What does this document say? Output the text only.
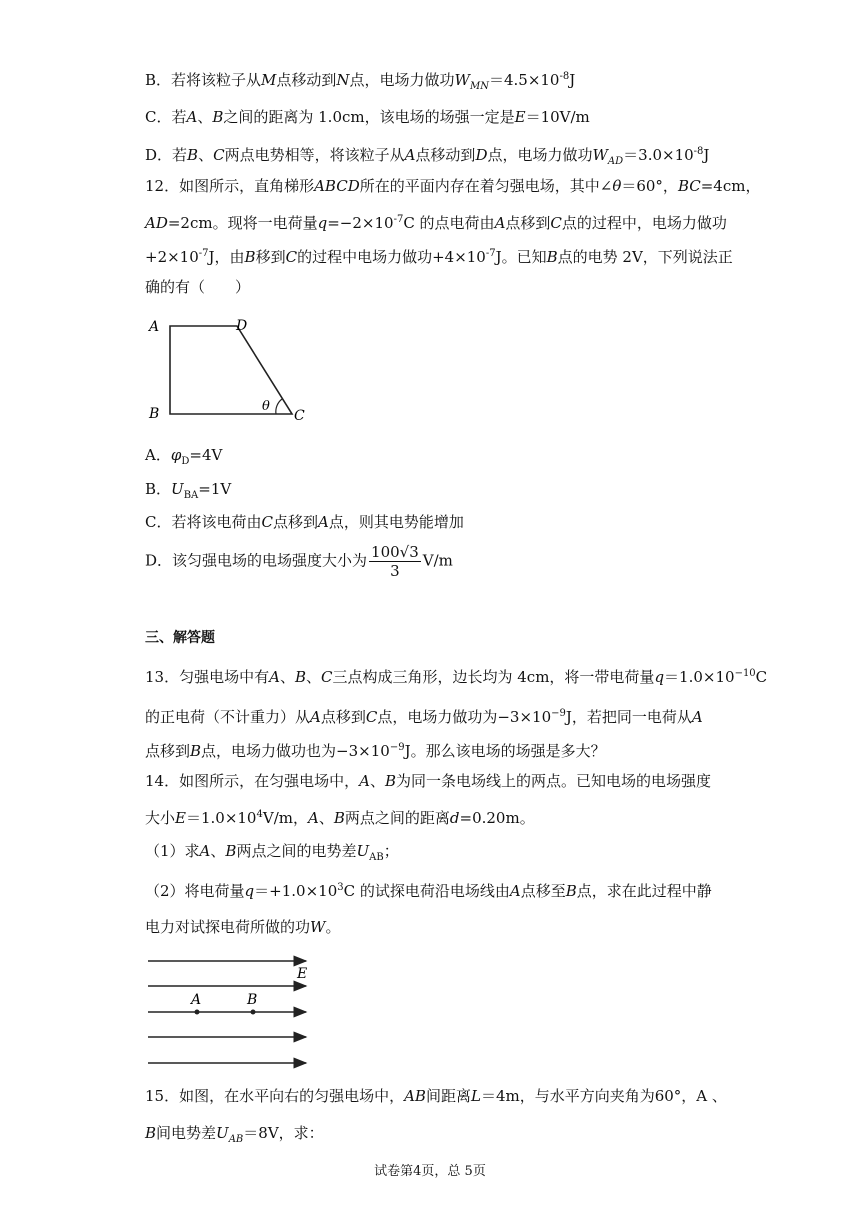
B．若将该粒子从M点移动到N点，电场力做功$W_{MN}=4.5\times 10^{-8}J$
C．若A、B之间的距离为 1.0cm，该电场的场强一定是E＝10V/m
D．若B、C两点电势相等，将该粒子从A点移动到D点，电场力做功$W_{AD}=3.0\times 10^{-8}J$
12．如图所示，直角梯形ABCD所在的平面内存在着匀强电场，其中∠θ＝60°，BC=4cm，
AD=2cm。现将一电荷量$q=-2\times 10^{-7}C$ 的点电荷由A点移到C点的过程中，电场力做功
$+2\times 10^{-7}J$，由B移到C的过程中电场力做功$+4\times 10^{-7}J$。已知B点的电势 2V，下列说法正
确的有（　　）
A	D
B	C
θ
A．$\varphi_D=4V$
B．$U_{BA}=1V$
C．若将该电荷由C点移到A点，则其电势能增加
D．该匀强电场的电场强度大小为 $\frac{100√3}{3} V/m$
三、解答题
13．匀强电场中有A、B、C三点构成三角形，边长均为 4cm，将一带电荷量$q=1.0\times 10^{-10}C$
的正电荷（不计重力）从A点移到C点，电场力做功为$-3\times 10^{-9}J$，若把同一电荷从A
点移到B点，电场力做功也为$-3\times 10^{-9}J$。那么该电场的场强是多大？
14．如图所示，在匀强电场中，A、B为同一条电场线上的两点。已知电场的电场强度
大小$E=1.0\times 10^4V/m$，A、B两点之间的距离d=0.20m。
（1）求A、B两点之间的电势差$U_{AB}$；
（2）将电荷量$q=+1.0\times 10^3C$ 的试探电荷沿电场线由A点移至B点，求在此过程中静
电力对试探电荷所做的功W。
E
A	B
15．如图，在水平向右的匀强电场中，AB间距离L＝4m，与水平方向夹角为60°，A 、
B间电势差$U_{AB}=8V$，求：
试卷第4页，总 5页
